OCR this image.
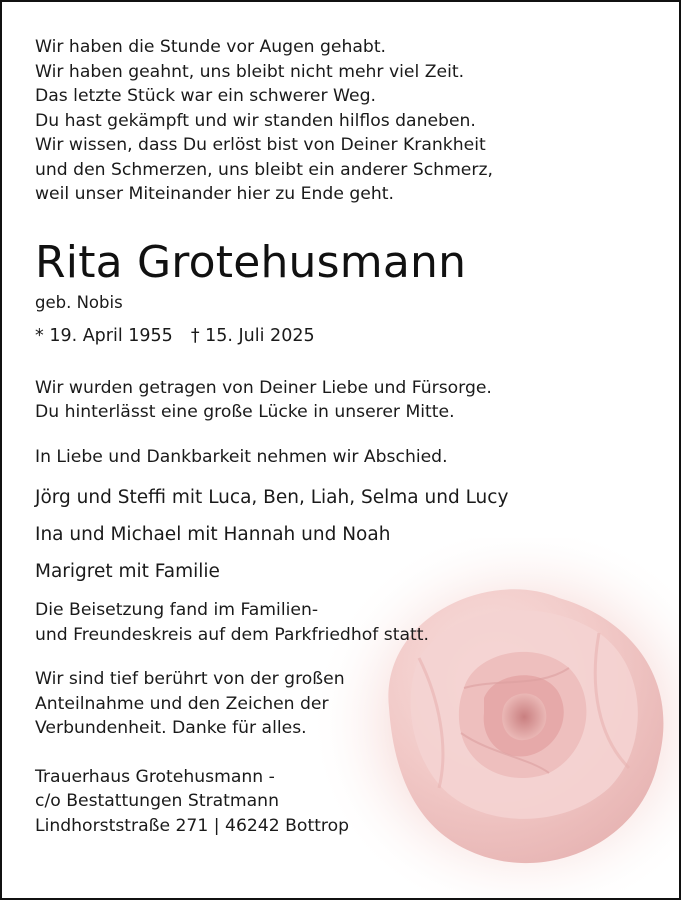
Wir haben die Stunde vor Augen gehabt.
Wir haben geahnt, uns bleibt nicht mehr viel Zeit.
Das letzte Stück war ein schwerer Weg.
Du hast gekämpft und wir standen hilflos daneben.
Wir wissen, dass Du erlöst bist von Deiner Krankheit
und den Schmerzen, uns bleibt ein anderer Schmerz,
weil unser Miteinander hier zu Ende geht.
Rita Grotehusmann
geb. Nobis
* 19. April 1955 † 15. Juli 2025
Wir wurden getragen von Deiner Liebe und Fürsorge.
Du hinterlässt eine große Lücke in unserer Mitte.
In Liebe und Dankbarkeit nehmen wir Abschied.
Jörg und Steffi mit Luca, Ben, Liah, Selma und Lucy
Ina und Michael mit Hannah und Noah
Marigret mit Familie
Die Beisetzung fand im Familien-
und Freundeskreis auf dem Parkfriedhof statt.
Wir sind tief berührt von der großen
Anteilnahme und den Zeichen der
Verbundenheit. Danke für alles.
Trauerhaus Grotehusmann -
c/o Bestattungen Stratmann
Lindhorststraße 271 | 46242 Bottrop
